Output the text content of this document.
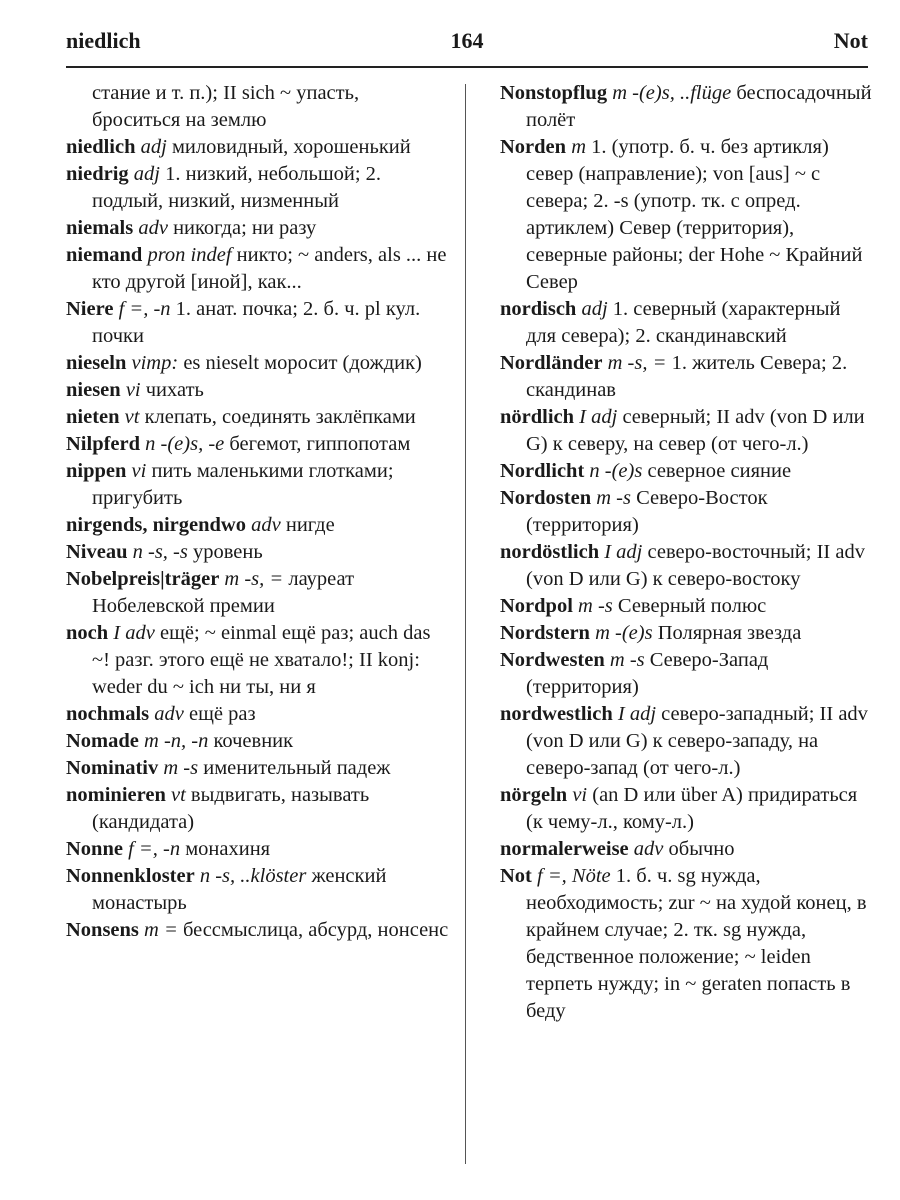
niedlich	164	Not
стание и т. п.); II sich ~ упасть, броситься на землю
niedlich adj миловидный, хорошенький
niedrig adj 1. низкий, небольшой; 2. подлый, низкий, низменный
niemals adv никогда; ни разу
niemand pron indef никто; ~ anders, als ... не кто другой [иной], как...
Niere f =, -n 1. анат. почка; 2. б. ч. pl кул. почки
nieseln vimp: es nieselt моросит (дождик)
niesen vi чихать
nieten vt клепать, соединять заклёпками
Nilpferd n -(e)s, -e бегемот, гиппопотам
nippen vi пить маленькими глотками; пригубить
nirgends, nirgendwo adv нигде
Niveau n -s, -s уровень
Nobelpreis|träger m -s, = лауреат Нобелевской премии
noch I adv ещё; ~ einmal ещё раз; auch das ~! разг. этого ещё не хватало!; II konj: weder du ~ ich ни ты, ни я
nochmals adv ещё раз
Nomade m -n, -n кочевник
Nominativ m -s именительный падеж
nominieren vt выдвигать, называть (кандидата)
Nonne f =, -n монахиня
Nonnenkloster n -s, ..klöster женский монастырь
Nonsens m = бессмыслица, абсурд, нонсенс
Nonstopflug m -(e)s, ..flüge беспосадочный полёт
Norden m 1. (употр. б. ч. без артикля) север (направление); von [aus] ~ с севера; 2. -s (употр. тк. с опред. артиклем) Север (территория), северные районы; der Hohe ~ Крайний Север
nordisch adj 1. северный (характерный для севера); 2. скандинавский
Nordländer m -s, = 1. житель Севера; 2. скандинав
nördlich I adj северный; II adv (von D или G) к северу, на север (от чего-л.)
Nordlicht n -(e)s северное сияние
Nordosten m -s Северо-Восток (территория)
nordöstlich I adj северо-восточный; II adv (von D или G) к северо-востоку
Nordpol m -s Северный полюс
Nordstern m -(e)s Полярная звезда
Nordwesten m -s Северо-Запад (территория)
nordwestlich I adj северо-западный; II adv (von D или G) к северо-западу, на северо-запад (от чего-л.)
nörgeln vi (an D или über A) придираться (к чему-л., кому-л.)
normalerweise adv обычно
Not f =, Nöte 1. б. ч. sg нужда, необходимость; zur ~ на худой конец, в крайнем случае; 2. тк. sg нужда, бедственное положение; ~ leiden терпеть нужду; in ~ geraten попасть в беду
